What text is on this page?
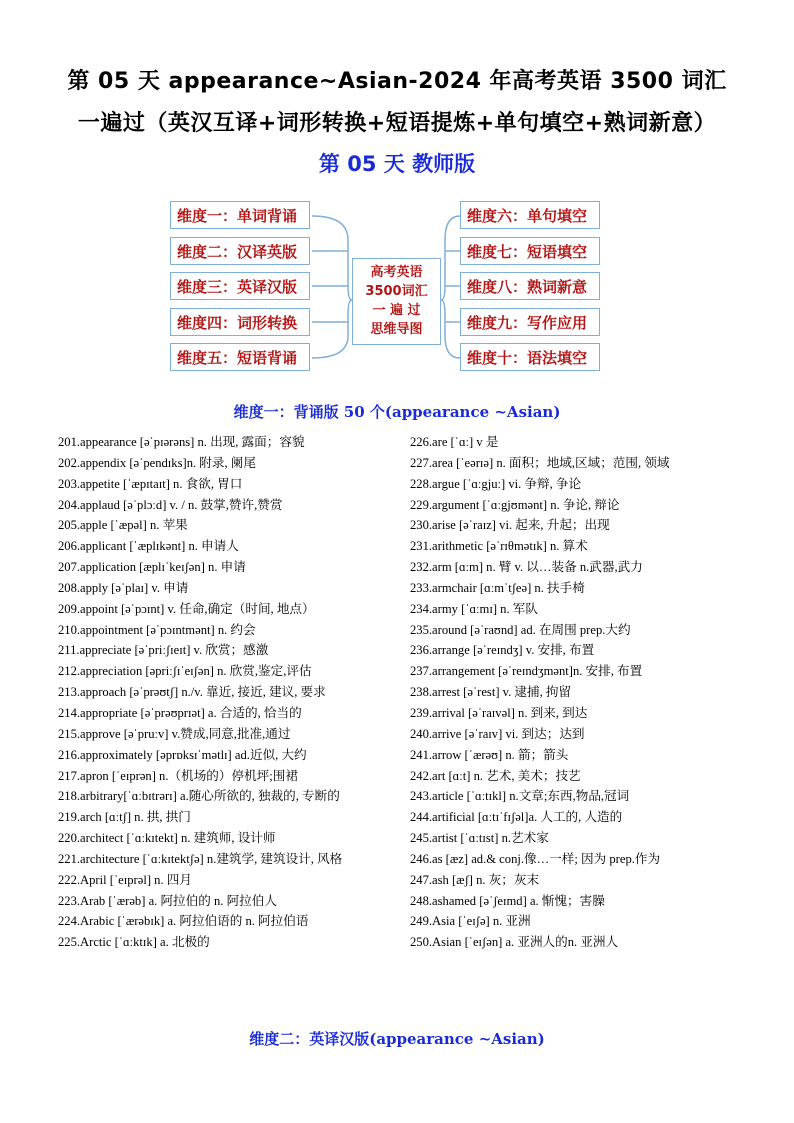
第 05 天 appearance~Asian-2024 年高考英语 3500 词汇
一遍过（英汉互译+词形转换+短语提炼+单句填空+熟词新意）
第 05 天 教师版
维度一：单词背诵
维度二：汉译英版
维度三：英译汉版
维度四：词形转换
维度五：短语背诵
高考英语
3500词汇
一 遍 过
思维导图
维度六：单句填空
维度七：短语填空
维度八：熟词新意
维度九：写作应用
维度十：语法填空
维度一：背诵版 50 个(appearance ~Asian)
201.appearance [əˈpɪərəns] n. 出现, 露面；容貌
202.appendix [əˈpendɪks]n. 附录, 阑尾
203.appetite [ˈæpɪtaɪt] n. 食欲, 胃口
204.applaud [əˈplɔːd] v. / n. 鼓掌,赞许,赞赏
205.apple [ˈæpəl] n. 苹果
206.applicant [ˈæplɪkənt] n. 申请人
207.application [æplɪˈkeɪʃən] n. 申请
208.apply [əˈplaɪ] v. 申请
209.appoint [əˈpɔɪnt] v. 任命,确定（时间, 地点）
210.appointment [əˈpɔɪntmənt] n. 约会
211.appreciate [əˈpriːʃɪeɪt] v. 欣赏；感激
212.appreciation [əpriːʃɪˈeɪʃən] n. 欣赏,鉴定,评估
213.approach [əˈprəʊtʃ] n./v. 靠近, 接近, 建议, 要求
214.appropriate [əˈprəʊprɪət] a. 合适的, 恰当的
215.approve [əˈpruːv] v.赞成,同意,批准,通过
216.approximately [əprɒksɪˈmətlɪ] ad.近似, 大约
217.apron [ˈeɪprən] n.（机场的）停机坪;围裙
218.arbitrary[ˈɑːbɪtrərɪ] a.随心所欲的, 独裁的, 专断的
219.arch [ɑːtʃ] n. 拱, 拱门
220.architect [ˈɑːkɪtekt] n. 建筑师, 设计师
221.architecture [ˈɑːkɪtektʃə] n.建筑学, 建筑设计, 风格
222.April [ˈeɪprəl] n. 四月
223.Arab [ˈærəb] a. 阿拉伯的 n. 阿拉伯人
224.Arabic [ˈærəbɪk] a. 阿拉伯语的 n. 阿拉伯语
225.Arctic [ˈɑːktɪk] a. 北极的
226.are [ˈɑː] v 是
227.area [ˈeərɪə] n. 面积；地域,区域；范围, 领域
228.argue [ˈɑːgjuː] vi. 争辩, 争论
229.argument [ˈɑːgjʊmənt] n. 争论, 辩论
230.arise [əˈraɪz] vi. 起来, 升起；出现
231.arithmetic [əˈrɪθmətɪk] n. 算术
232.arm [ɑːm] n. 臂 v. 以…装备 n.武器,武力
233.armchair [ɑːmˈtʃeə] n. 扶手椅
234.army [ˈɑːmɪ] n. 军队
235.around [əˈraʊnd] ad. 在周围 prep.大约
236.arrange [əˈreɪndʒ] v. 安排, 布置
237.arrangement [əˈreɪndʒmənt]n. 安排, 布置
238.arrest [əˈrest] v. 逮捕, 拘留
239.arrival [əˈraɪvəl] n. 到来, 到达
240.arrive [əˈraɪv] vi. 到达；达到
241.arrow [ˈærəʊ] n. 箭；箭头
242.art [ɑːt] n. 艺术, 美术；技艺
243.article [ˈɑːtɪkl] n.文章;东西,物品,冠词
244.artificial [ɑːtɪˈfɪʃəl]a. 人工的, 人造的
245.artist [ˈɑːtɪst] n.艺术家
246.as [æz] ad.& conj.像…一样; 因为 prep.作为
247.ash [æʃ] n. 灰；灰末
248.ashamed [əˈʃeɪmd] a. 惭愧；害臊
249.Asia [ˈeɪʃə] n. 亚洲
250.Asian [ˈeɪʃən] a. 亚洲人的n. 亚洲人
维度二：英译汉版(appearance ~Asian)
